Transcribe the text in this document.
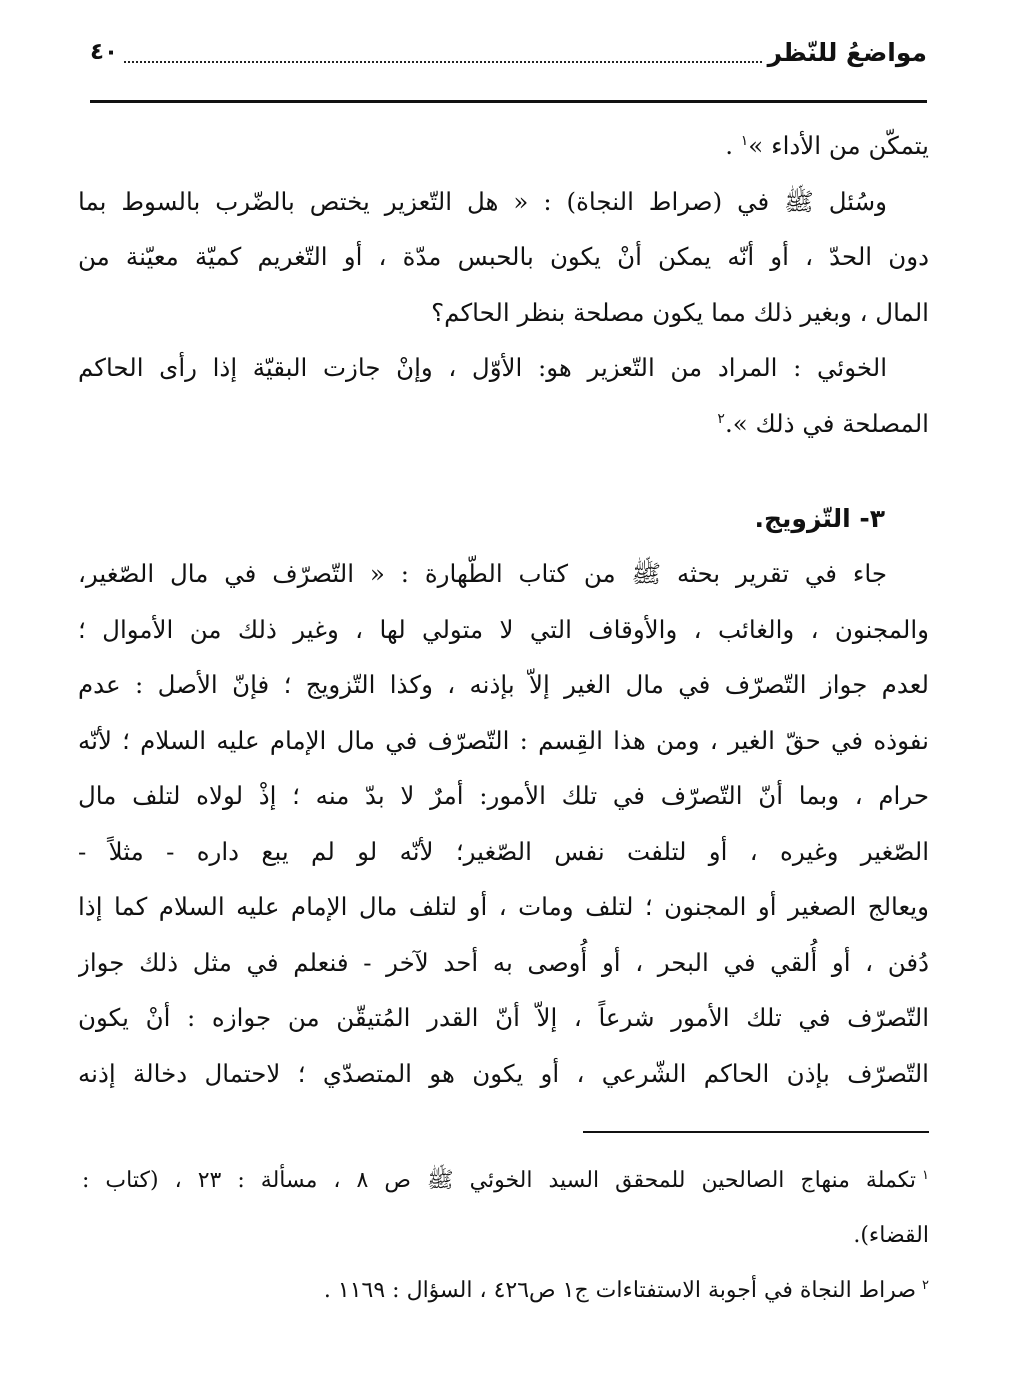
مواضعُ للنّظر
٤٠
يتمكّن من الأداء »$^١$ .
وسُئل ﷺ في (صراط النجاة) : « هل التّعزير يختص بالضّرب بالسوط بما
دون الحدّ ، أو أنّه يمكن أنْ يكون بالحبس مدّة ، أو التّغريم كميّة معيّنة من
المال ، وبغير ذلك مما يكون مصلحة بنظر الحاكم؟
الخوئي : المراد من التّعزير هو: الأوّل ، وإنْ جازت البقيّة إذا رأى الحاكم
المصلحة في ذلك ».$^٢$
٣- التّزويج.
جاء في تقرير بحثه ﷺ من كتاب الطّهارة : « التّصرّف في مال الصّغير،
والمجنون ، والغائب ، والأوقاف التي لا متولي لها ، وغير ذلك من الأموال ؛
لعدم جواز التّصرّف في مال الغير إلاّ بإذنه ، وكذا التّزويج ؛ فإنّ الأصل : عدم
نفوذه في حقّ الغير ، ومن هذا القِسم : التّصرّف في مال الإمام عليه السلام ؛ لأنّه
حرام ، وبما أنّ التّصرّف في تلك الأمور: أمرٌ لا بدّ منه ؛ إذْ لولاه لتلف مال
الصّغير وغيره ، أو لتلفت نفس الصّغير؛ لأنّه لو لم يبع داره - مثلاً -
ويعالج الصغير أو المجنون ؛ لتلف ومات ، أو لتلف مال الإمام عليه السلام كما إذا
دُفن ، أو أُلقي في البحر ، أو أُوصى به أحد لآخر - فنعلم في مثل ذلك جواز
التّصرّف في تلك الأمور شرعاً ، إلاّ أنّ القدر المُتيقّن من جوازه : أنْ يكون
التّصرّف بإذن الحاكم الشّرعي ، أو يكون هو المتصدّي ؛ لاحتمال دخالة إذنه
$^١$تكملة منهاج الصالحين للمحقق السيد الخوئي ﷺ ص ٨ ، مسألة : ٢٣ ، (كتاب :
القضاء).
$^٢$صراط النجاة في أجوبة الاستفتاءات ج١ ص٤٢٦ ، السؤال : ١١٦٩ .
